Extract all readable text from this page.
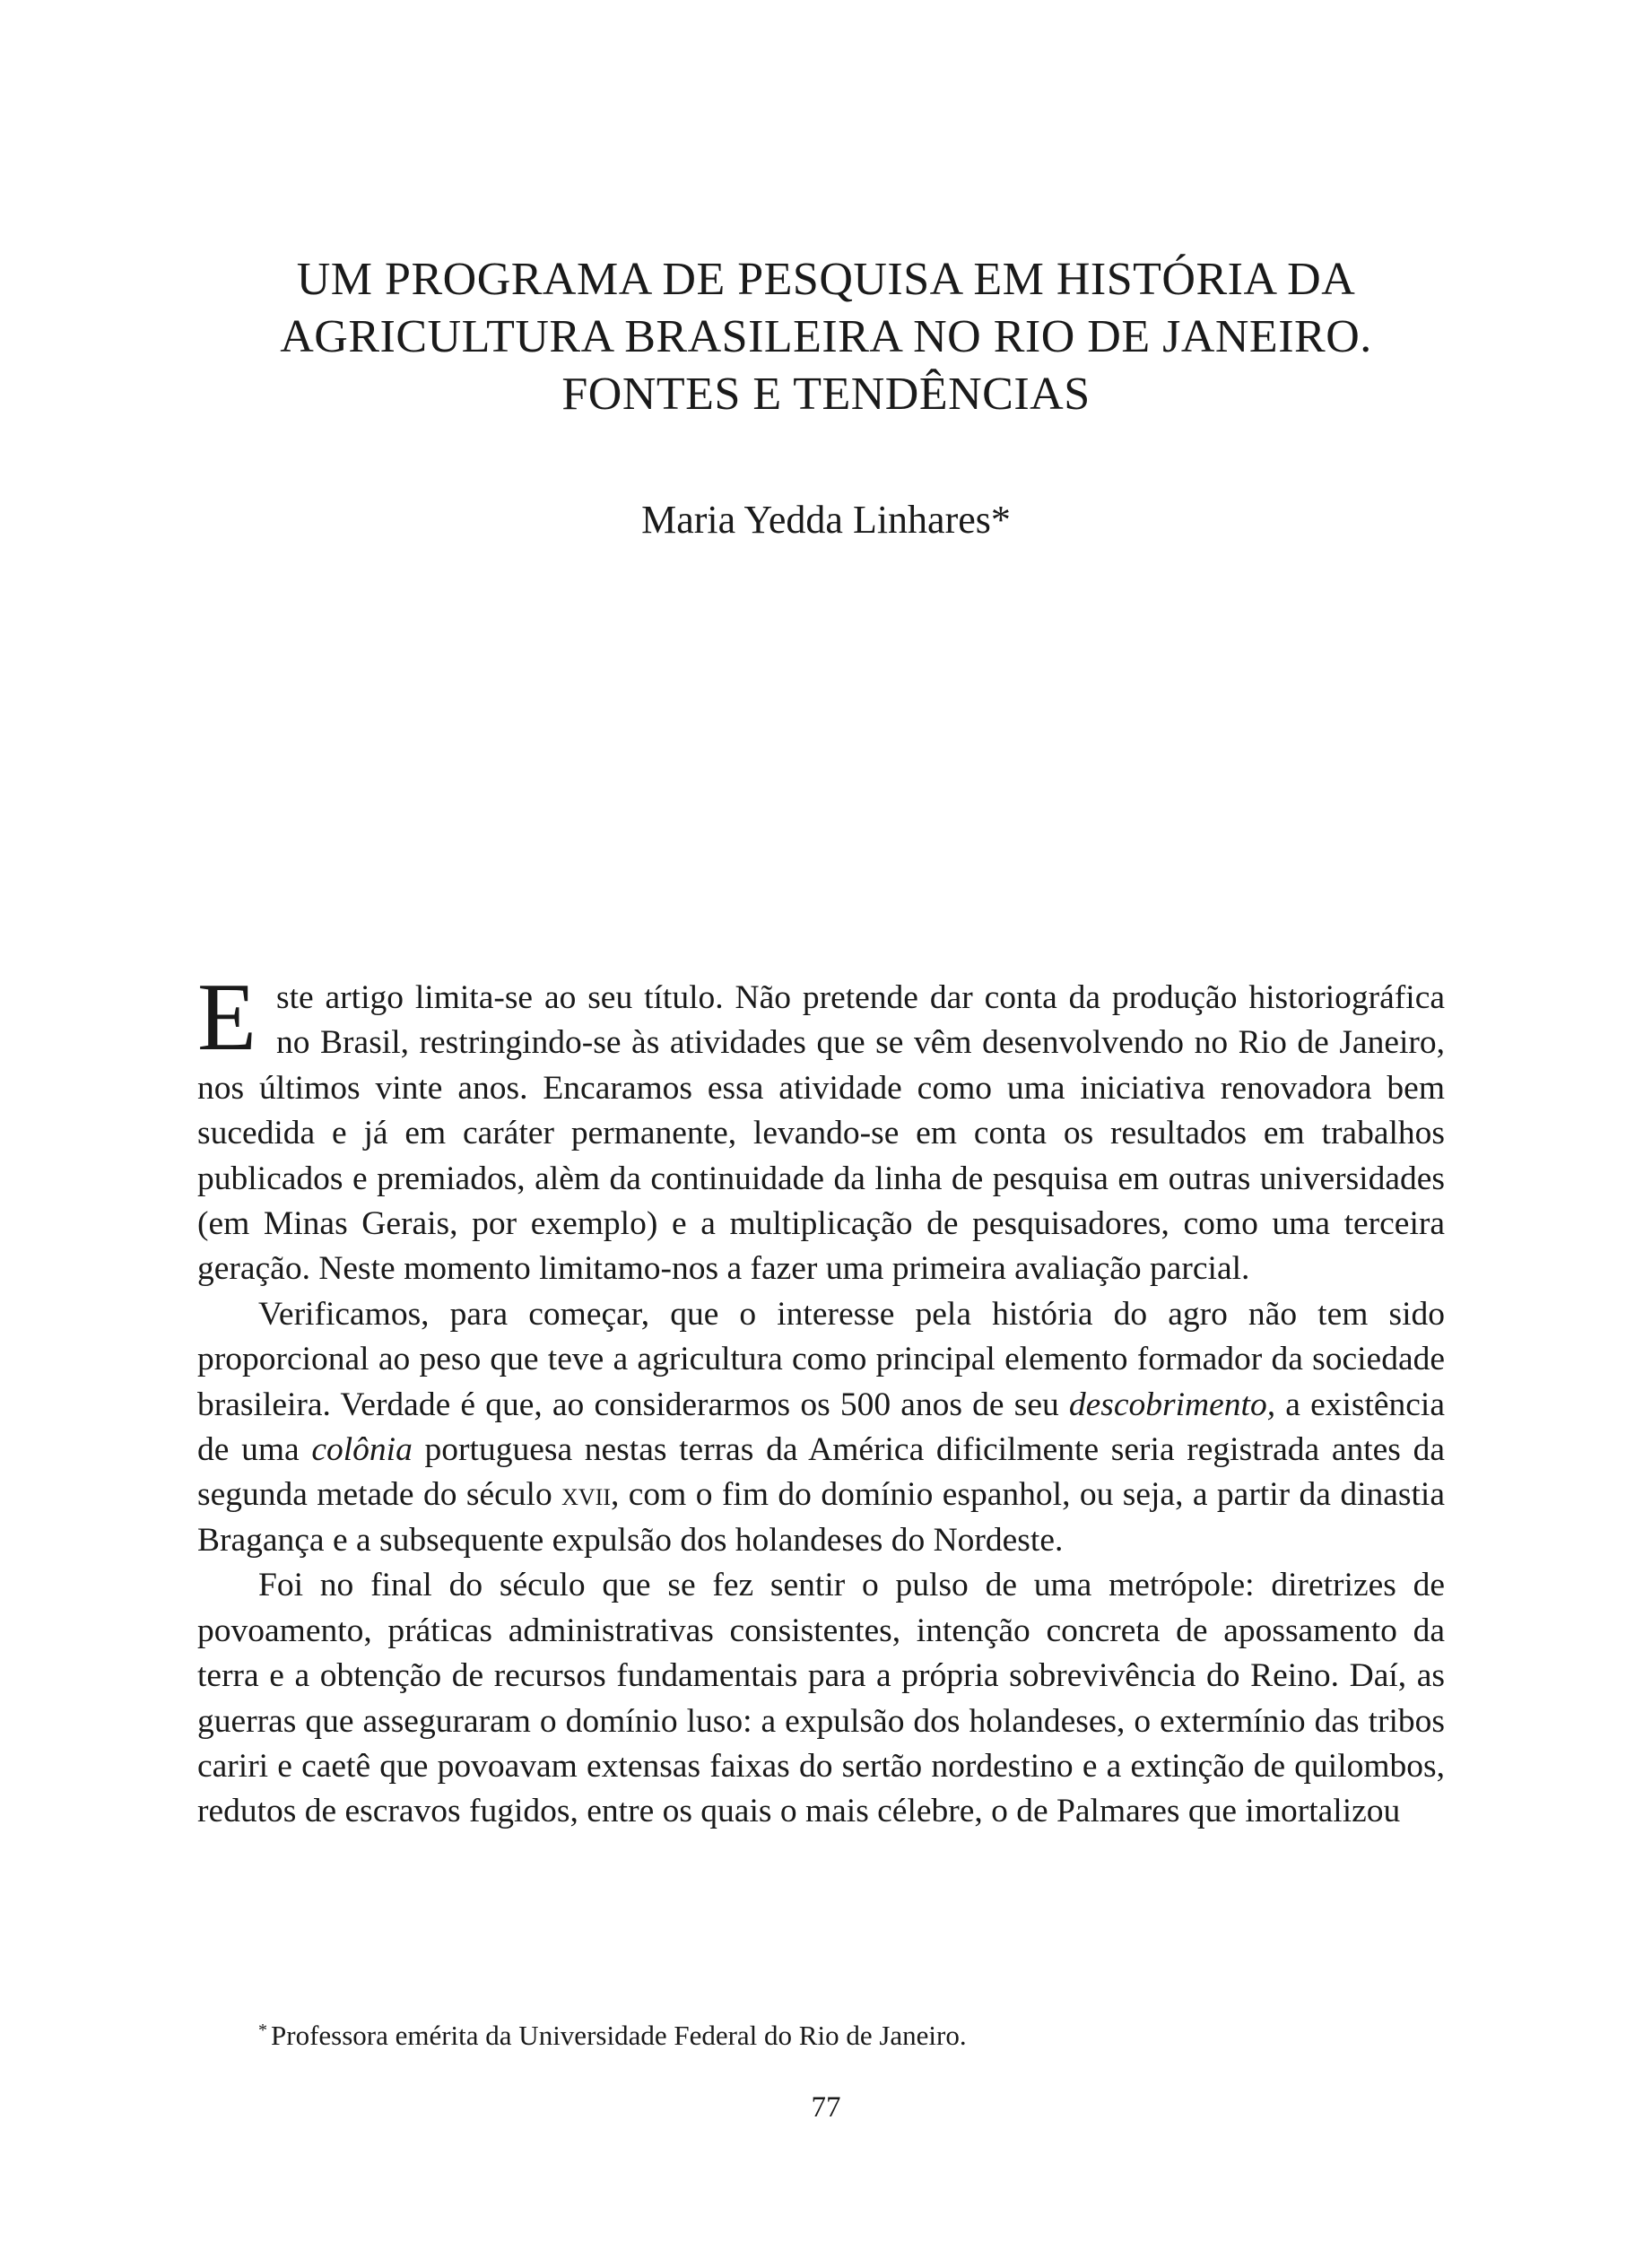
UM PROGRAMA DE PESQUISA EM HISTÓRIA DA
AGRICULTURA BRASILEIRA NO RIO DE JANEIRO.
FONTES E TENDÊNCIAS
Maria Yedda Linhares*

Este artigo limita-se ao seu título. Não pretende dar conta da produção historiográfica no Brasil, restringindo-se às atividades que se vêm desenvolvendo no Rio de Janeiro, nos últimos vinte anos. Encaramos essa atividade como uma iniciativa renovadora bem sucedida e já em caráter permanente, levando-se em conta os resultados em trabalhos publicados e premiados, alèm da continuidade da linha de pesquisa em outras universidades (em Minas Gerais, por exemplo) e a multiplicação de pesquisadores, como uma terceira geração. Neste momento limitamo-nos a fazer uma primeira avaliação parcial.

Verificamos, para começar, que o interesse pela história do agro não tem sido proporcional ao peso que teve a agricultura como principal elemento formador da sociedade brasileira. Verdade é que, ao considerarmos os 500 anos de seu descobrimento, a existência de uma colônia portuguesa nestas terras da América dificilmente seria registrada antes da segunda metade do século xvii, com o fim do domínio espanhol, ou seja, a partir da dinastia Bragança e a subsequente expulsão dos holandeses do Nordeste.

Foi no final do século que se fez sentir o pulso de uma metrópole: diretrizes de povoamento, práticas administrativas consistentes, intenção concreta de apossamento da terra e a obtenção de recursos fundamentais para a própria sobrevivência do Reino. Daí, as guerras que asseguraram o domínio luso: a expulsão dos holandeses, o extermínio das tribos cariri e caetê que povoavam extensas faixas do sertão nordestino e a extinção de quilombos, redutos de escravos fugidos, entre os quais o mais célebre, o de Palmares que imortalizou

* Professora emérita da Universidade Federal do Rio de Janeiro.
77
